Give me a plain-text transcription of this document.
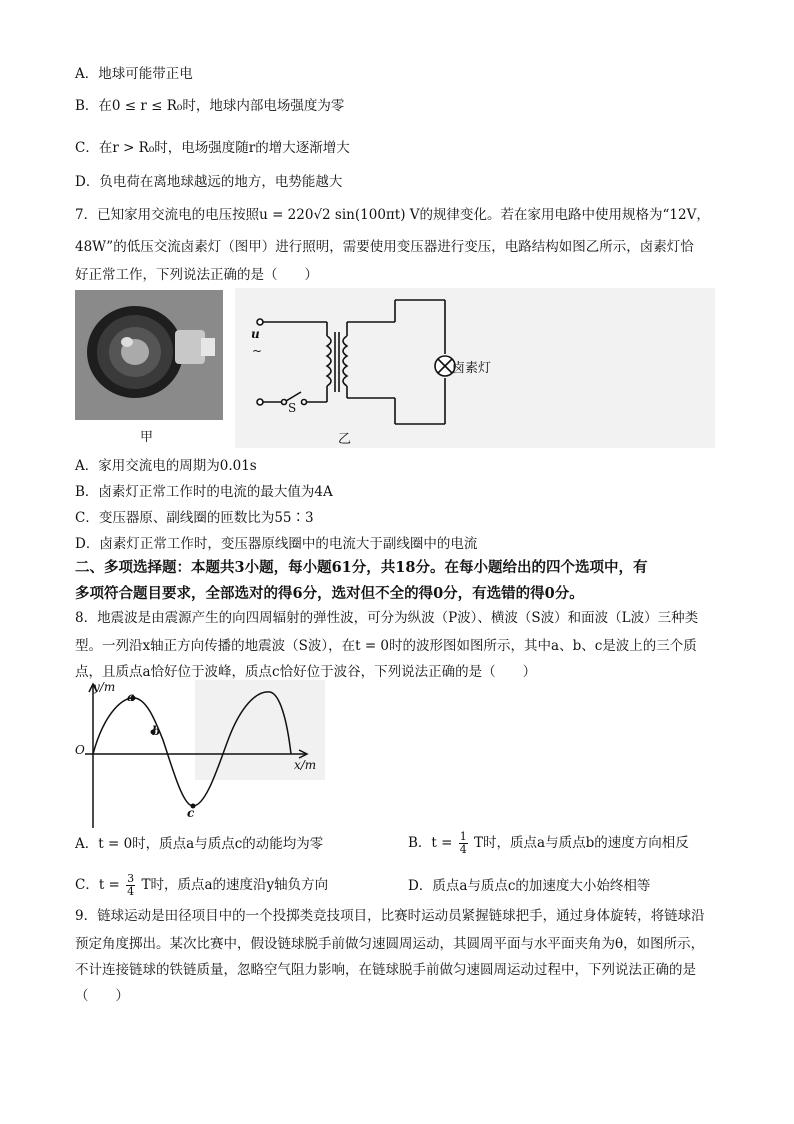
A．地球可能带正电
B．在0 ≤ r ≤ R₀时，地球内部电场强度为零
C．在r > R₀时，电场强度随r的增大逐渐增大
D．负电荷在离地球越远的地方，电势能越大
7．已知家用交流电的电压按照u = 220√2 sin(100πt) V的规律变化。若在家用电路中使用规格为“12V，
48W”的低压交流卤素灯（图甲）进行照明，需要使用变压器进行变压，电路结构如图乙所示，卤素灯恰
好正常工作，下列说法正确的是（　　）
甲
u
~
S
卤素灯
乙
A．家用交流电的周期为0.01s
B．卤素灯正常工作时的电流的最大值为4A
C．变压器原、副线圈的匝数比为55∶3
D．卤素灯正常工作时，变压器原线圈中的电流大于副线圈中的电流
二、多项选择题：本题共3小题，每小题61分，共18分。在每小题给出的四个选项中，有
多项符合题目要求，全部选对的得6分，选对但不全的得0分，有选错的得0分。
8．地震波是由震源产生的向四周辐射的弹性波，可分为纵波（P波）、横波（S波）和面波（L波）三种类
型。一列沿x轴正方向传播的地震波（S波），在t = 0时的波形图如图所示，其中a、b、c是波上的三个质
点，且质点a恰好位于波峰，质点c恰好位于波谷，下列说法正确的是（　　）
y/m
x/m
O
a
b
c
A．t = 0时，质点a与质点c的动能均为零	B．$t = \frac{1}{4}$ T时，质点a与质点b的速度方向相反
C．$t = \frac{3}{4}$ T时，质点a的速度沿y轴负方向	D．质点a与质点c的加速度大小始终相等
9．链球运动是田径项目中的一个投掷类竞技项目，比赛时运动员紧握链球把手，通过身体旋转，将链球沿
预定角度掷出。某次比赛中，假设链球脱手前做匀速圆周运动，其圆周平面与水平面夹角为θ，如图所示，
不计连接链球的铁链质量，忽略空气阻力影响，在链球脱手前做匀速圆周运动过程中，下列说法正确的是
（　　）
